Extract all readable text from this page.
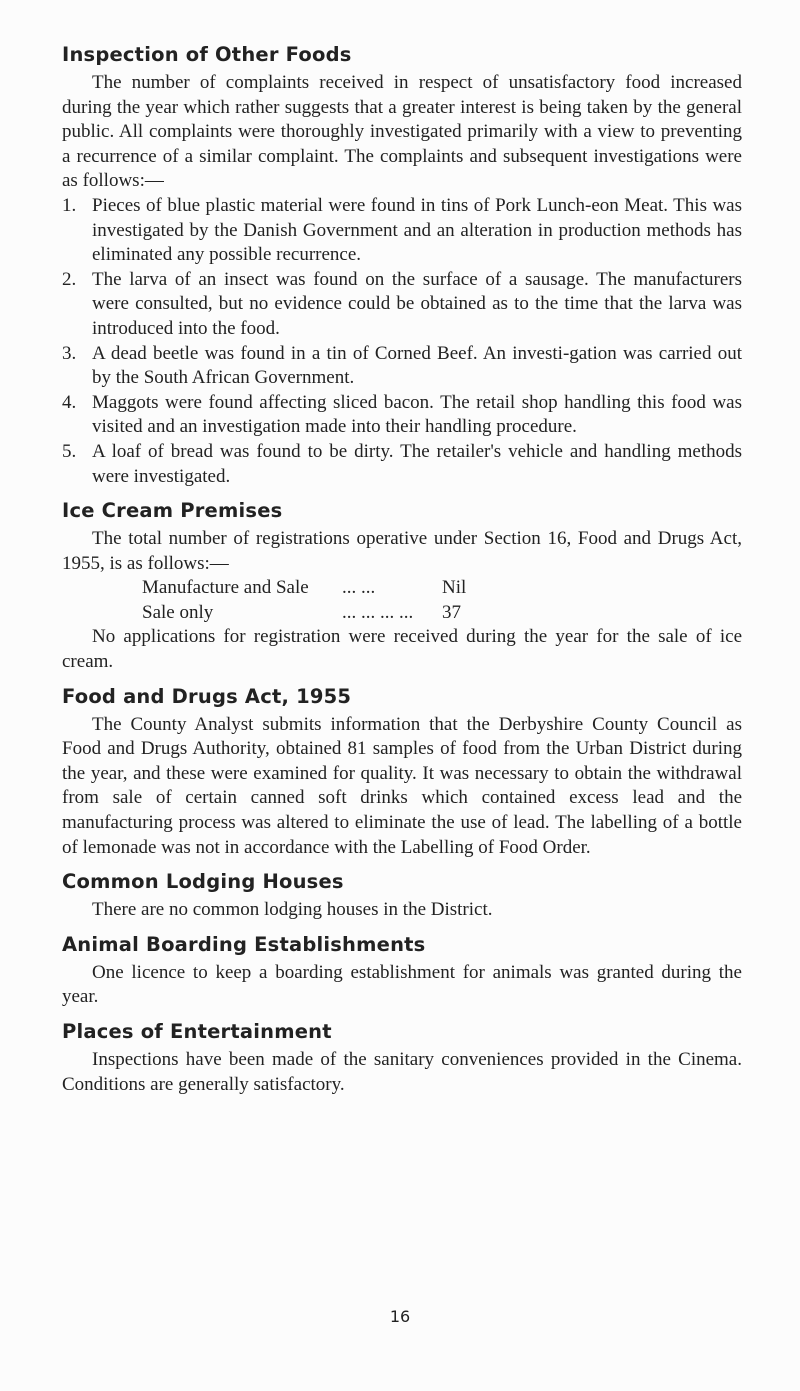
Inspection of Other Foods

The number of complaints received in respect of unsatisfactory food increased during the year which rather suggests that a greater interest is being taken by the general public. All complaints were thoroughly investigated primarily with a view to preventing a recurrence of a similar complaint. The complaints and subsequent investigations were as follows:—

1. Pieces of blue plastic material were found in tins of Pork Lunch-eon Meat. This was investigated by the Danish Government and an alteration in production methods has eliminated any possible recurrence.
2. The larva of an insect was found on the surface of a sausage. The manufacturers were consulted, but no evidence could be obtained as to the time that the larva was introduced into the food.
3. A dead beetle was found in a tin of Corned Beef. An investi-gation was carried out by the South African Government.
4. Maggots were found affecting sliced bacon. The retail shop handling this food was visited and an investigation made into their handling procedure.
5. A loaf of bread was found to be dirty. The retailer's vehicle and handling methods were investigated.
Ice Cream Premises

The total number of registrations operative under Section 16, Food and Drugs Act, 1955, is as follows:—

Manufacture and Sale	... ...	Nil
Sale only	... ... ... ...	37

No applications for registration were received during the year for the sale of ice cream.

Food and Drugs Act, 1955

The County Analyst submits information that the Derbyshire County Council as Food and Drugs Authority, obtained 81 samples of food from the Urban District during the year, and these were examined for quality. It was necessary to obtain the withdrawal from sale of certain canned soft drinks which contained excess lead and the manufacturing process was altered to eliminate the use of lead. The labelling of a bottle of lemonade was not in accordance with the Labelling of Food Order.

Common Lodging Houses

There are no common lodging houses in the District.

Animal Boarding Establishments

One licence to keep a boarding establishment for animals was granted during the year.

Places of Entertainment

Inspections have been made of the sanitary conveniences provided in the Cinema. Conditions are generally satisfactory.

16
